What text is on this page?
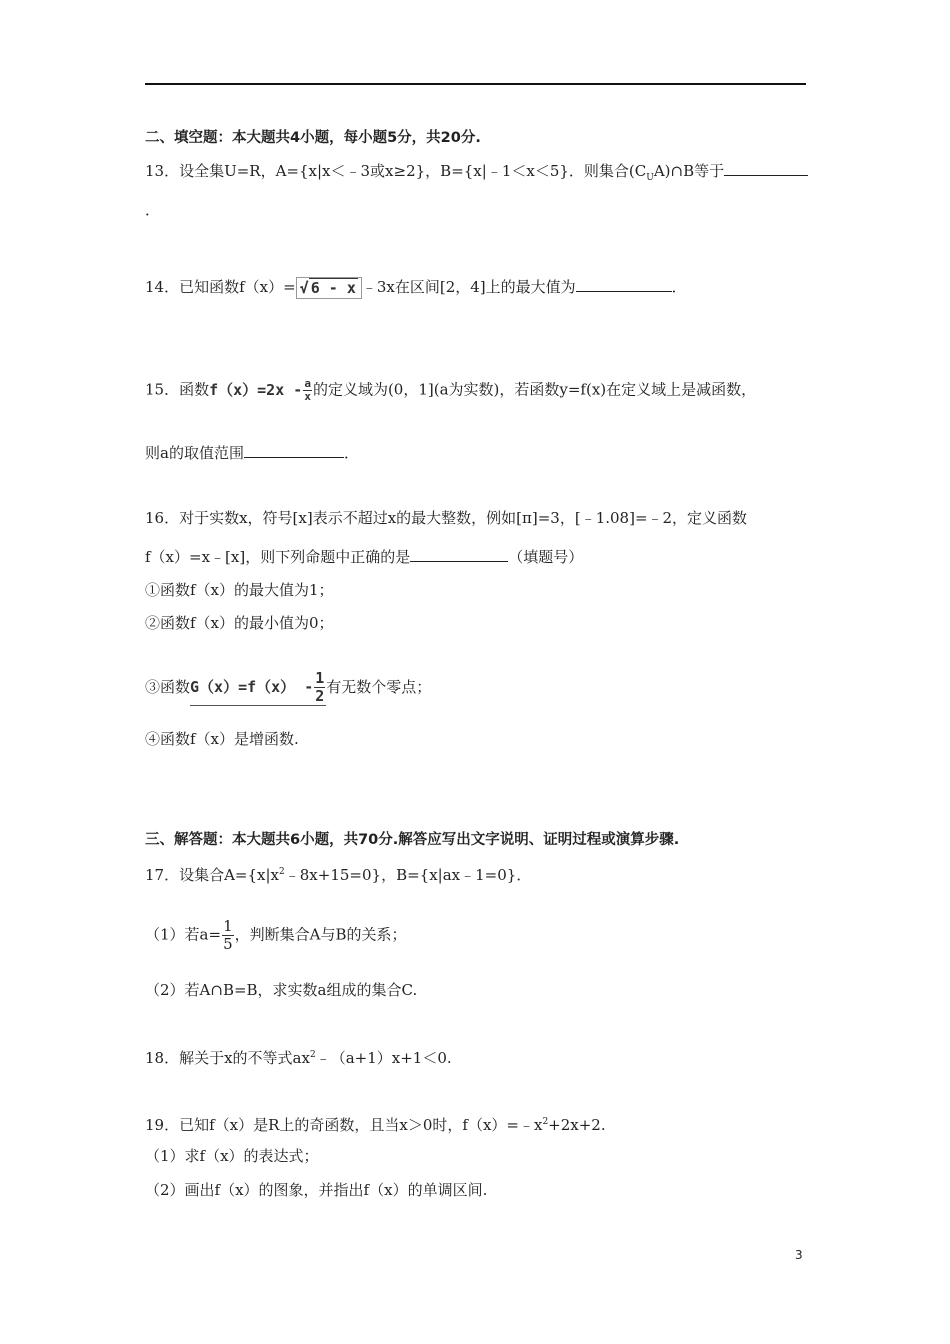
二、填空题：本大题共4小题，每小题5分，共20分.
13．设全集U=R，A={x|x＜﹣3或x≥2}，B={x|﹣1＜x＜5}．则集合$(C_UA)\cap B$等于
．
14．已知函数f（x）= √ 6 - x ﹣3x在区间[2，4]上的最大值为	．
15．函数$f(x)=2x - \frac{a}{x}$ 的定义域为(0，1](a为实数)，若函数y=f(x)在定义域上是减函数，
则a的取值范围	．
16．对于实数x，符号[x]表示不超过x的最大整数，例如[π]=3，[﹣1.08]=﹣2，定义函数
f（x）=x﹣[x]，则下列命题中正确的是	（填题号）
①函数f（x）的最大值为1；
②函数f（x）的最小值为0；
③函数$G(x)=f(x) - \frac{1}{2}$ 有无数个零点；
④函数f（x）是增函数.
三、解答题：本大题共6小题，共70分.解答应写出文字说明、证明过程或演算步骤.
17．设集合$A=\{x|x^2﹣8x+15=0\}$，B={x|ax﹣1=0}．
（1）若$a= \frac{1}{5}$ ，判断集合A与B的关系；
（2）若A∩B=B，求实数a组成的集合C.
18．解关于x的不等式$ax^2﹣(a+1)x+1<0$.
19．已知f（x）是R上的奇函数，且当x＞0时，$f(x)=﹣x^2+2x+2$.
（1）求f（x）的表达式；
（2）画出f（x）的图象，并指出f（x）的单调区间.
3
